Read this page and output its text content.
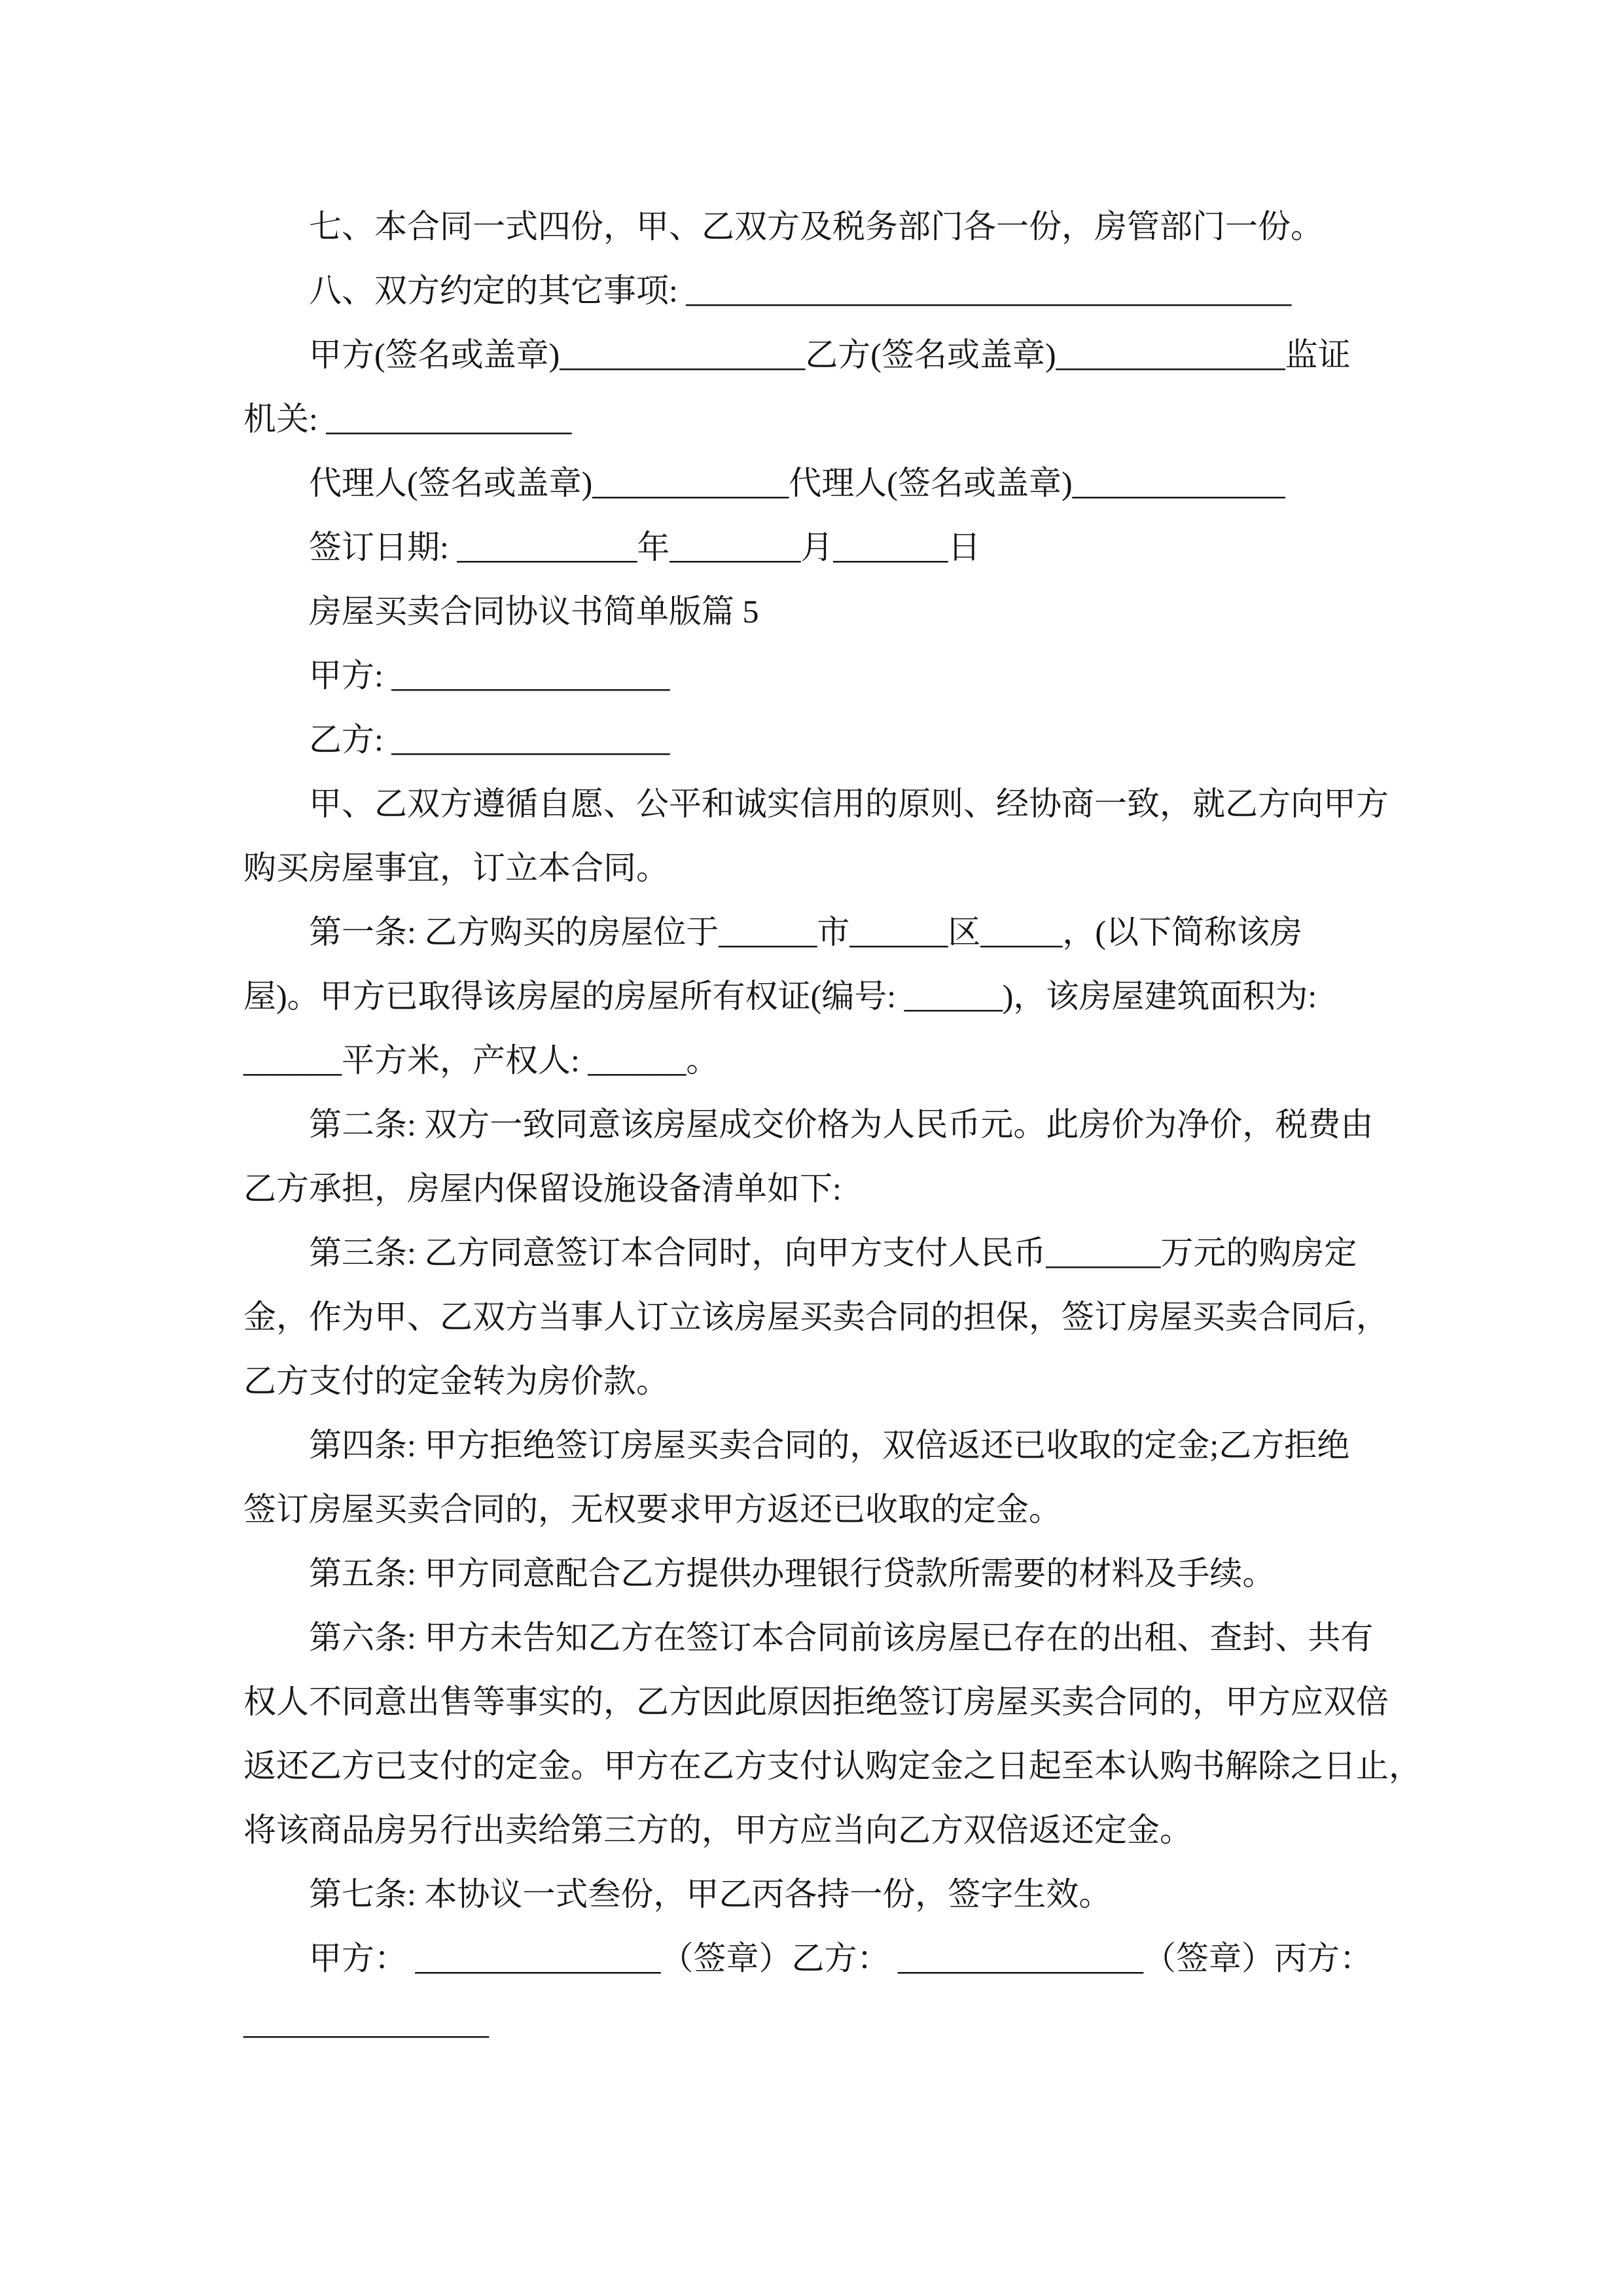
七、本合同一式四份，甲、乙双方及税务部门各一份，房管部门一份。
八、双方约定的其它事项: _____________________________________
甲方(签名或盖章)_______________乙方(签名或盖章)______________监证
机关: _______________
代理人(签名或盖章)____________代理人(签名或盖章)_____________
签订日期: ___________年________月_______日
房屋买卖合同协议书简单版篇 5
甲方: _________________
乙方: _________________
甲、乙双方遵循自愿、公平和诚实信用的原则、经协商一致，就乙方向甲方
购买房屋事宜，订立本合同。
第一条: 乙方购买的房屋位于______市______区_____，(以下简称该房
屋)。甲方已取得该房屋的房屋所有权证(编号: ______)，该房屋建筑面积为:
______平方米，产权人: ______。
第二条: 双方一致同意该房屋成交价格为人民币元。此房价为净价，税费由
乙方承担，房屋内保留设施设备清单如下:
第三条: 乙方同意签订本合同时，向甲方支付人民币_______万元的购房定
金，作为甲、乙双方当事人订立该房屋买卖合同的担保，签订房屋买卖合同后，
乙方支付的定金转为房价款。
第四条: 甲方拒绝签订房屋买卖合同的，双倍返还已收取的定金;乙方拒绝
签订房屋买卖合同的，无权要求甲方返还已收取的定金。
第五条: 甲方同意配合乙方提供办理银行贷款所需要的材料及手续。
第六条: 甲方未告知乙方在签订本合同前该房屋已存在的出租、查封、共有
权人不同意出售等事实的，乙方因此原因拒绝签订房屋买卖合同的，甲方应双倍
返还乙方已支付的定金。甲方在乙方支付认购定金之日起至本认购书解除之日止，
将该商品房另行出卖给第三方的，甲方应当向乙方双倍返还定金。
第七条: 本协议一式叁份，甲乙丙各持一份，签字生效。
甲方： _______________（签章）乙方： _______________（签章）丙方：
_______________
